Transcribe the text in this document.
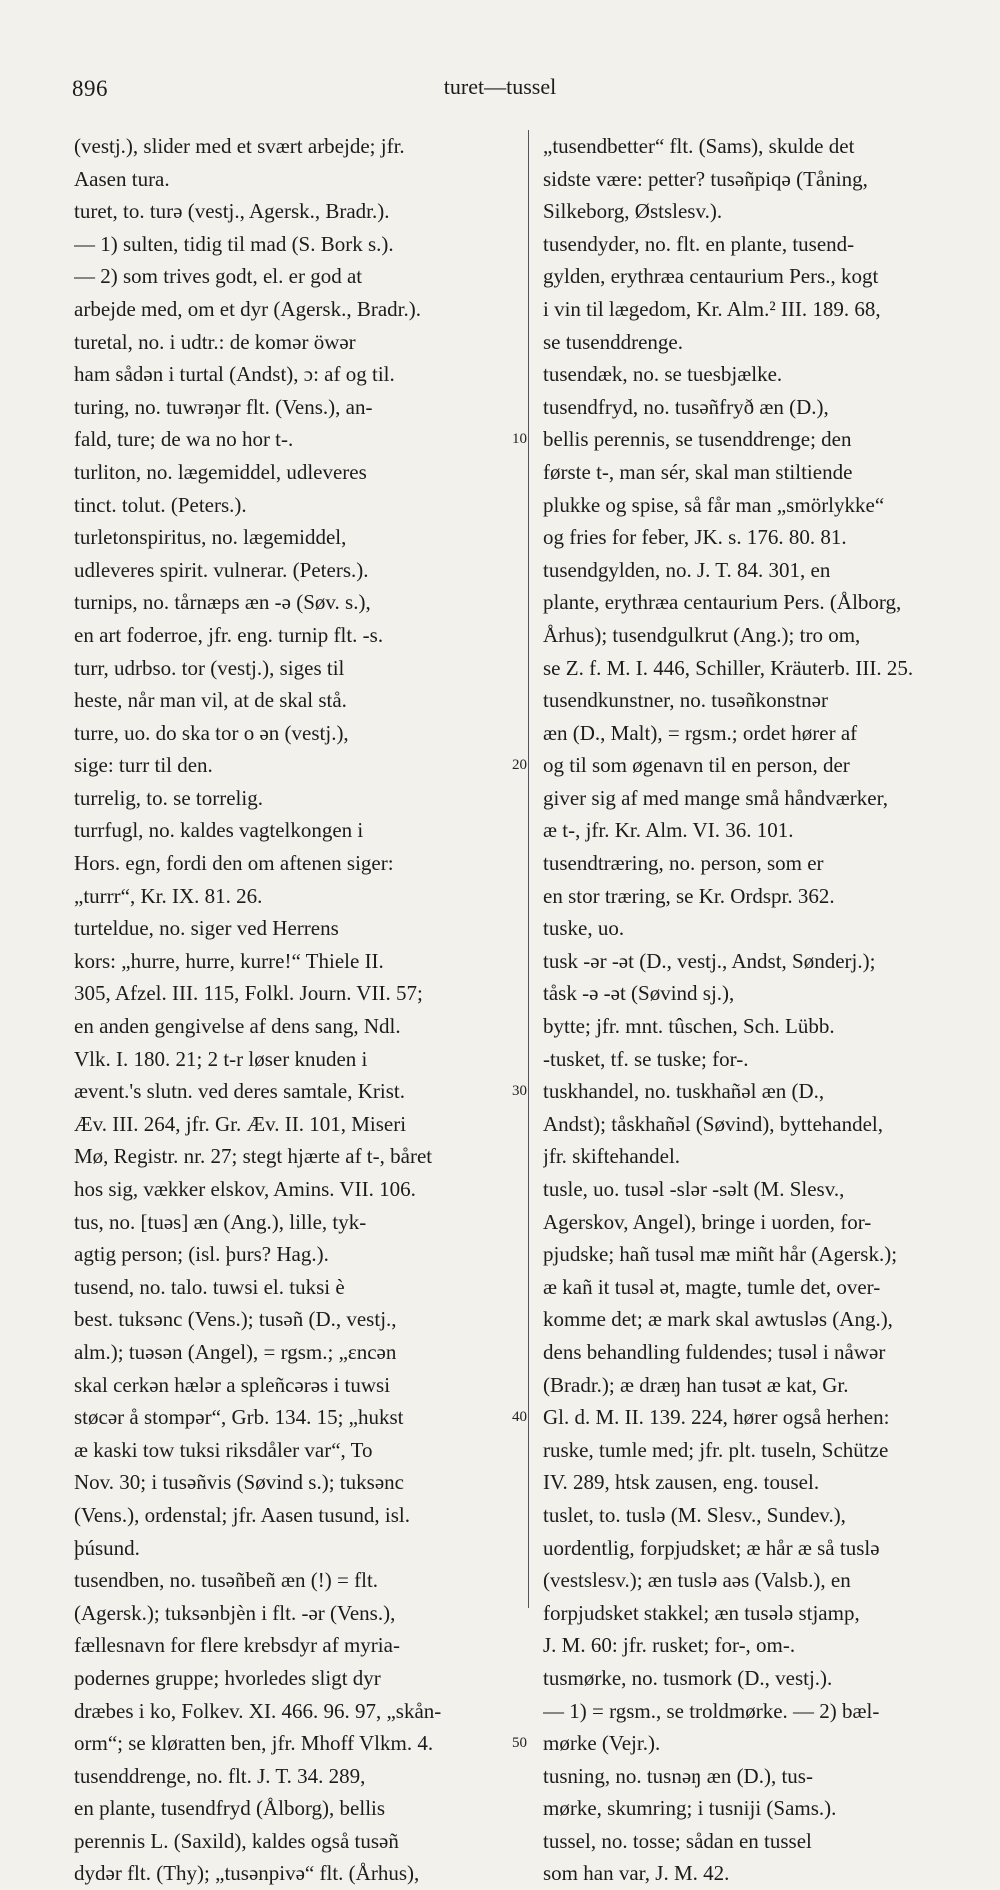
896	turet—tussel
(vestj.), slider med et svært arbejde; jfr.
Aasen tura.
turet, to. turə (vestj., Agersk., Bradr.).
— 1) sulten, tidig til mad (S. Bork s.).
— 2) som trives godt, el. er god at
arbejde med, om et dyr (Agersk., Bradr.).
turetal, no. i udtr.: de komər öwər
ham sådən i turtal (Andst), ɔ: af og til.
turing, no. tuwrəŋər flt. (Vens.), an-
fald, ture; de wa no hor t-.
turliton, no. lægemiddel, udleveres
tinct. tolut. (Peters.).
turletonspiritus, no. lægemiddel,
udleveres spirit. vulnerar. (Peters.).
turnips, no. tårnæps æn -ə (Søv. s.),
en art foderroe, jfr. eng. turnip flt. -s.
turr, udrbso. tor (vestj.), siges til
heste, når man vil, at de skal stå.
turre, uo. do ska tor o ən (vestj.),
sige: turr til den.
turrelig, to. se torrelig.
turrfugl, no. kaldes vagtelkongen i
Hors. egn, fordi den om aftenen siger:
„turrr“, Kr. IX. 81. 26.
turteldue, no. siger ved Herrens
kors: „hurre, hurre, kurre!“ Thiele II.
305, Afzel. III. 115, Folkl. Journ. VII. 57;
en anden gengivelse af dens sang, Ndl.
Vlk. I. 180. 21; 2 t-r løser knuden i
ævent.'s slutn. ved deres samtale, Krist.
Æv. III. 264, jfr. Gr. Æv. II. 101, Miseri
Mø, Registr. nr. 27; stegt hjærte af t-, båret
hos sig, vækker elskov, Amins. VII. 106.
tus, no. [tuəs] æn (Ang.), lille, tyk-
agtig person; (isl. þurs? Hag.).
tusend, no. talo. tuwsi el. tuksi è
best. tuksənc (Vens.); tusəñ (D., vestj.,
alm.); tuəsən (Angel), = rgsm.; „ɛncən
skal cerkən hælər a spleñcərəs i tuwsi
støcər å stompər“, Grb. 134. 15; „hukst
æ kaski tow tuksi riksdåler var“, To
Nov. 30; i tusəñvis (Søvind s.); tuksənc
(Vens.), ordenstal; jfr. Aasen tusund, isl.
þúsund.
tusendben, no. tusəñbeñ æn (!) = flt.
(Agersk.); tuksənbjèn i flt. -ər (Vens.),
fællesnavn for flere krebsdyr af myria-
podernes gruppe; hvorledes sligt dyr
dræbes i ko, Folkev. XI. 466. 96. 97, „skån-
orm“; se kløratten ben, jfr. Mhoff Vlkm. 4.
tusenddrenge, no. flt. J. T. 34. 289,
en plante, tusendfryd (Ålborg), bellis
perennis L. (Saxild), kaldes også tusəñ
dydər flt. (Thy); „tusənpivə“ flt. (Århus),
„tusendbetter“ flt. (Sams), skulde det
sidste være: petter? tusəñpiqə (Tåning,
Silkeborg, Østslesv.).
tusendyder, no. flt. en plante, tusend-
gylden, erythræa centaurium Pers., kogt
i vin til lægedom, Kr. Alm.² III. 189. 68,
se tusenddrenge.
tusendæk, no. se tuesbjælke.
tusendfryd, no. tusəñfryð æn (D.),
bellis perennis, se tusenddrenge; den
første t-, man sér, skal man stiltiende
plukke og spise, så får man „smörlykke“
og fries for feber, JK. s. 176. 80. 81.
tusendgylden, no. J. T. 84. 301, en
plante, erythræa centaurium Pers. (Ålborg,
Århus); tusendgulkrut (Ang.); tro om,
se Z. f. M. I. 446, Schiller, Kräuterb. III. 25.
tusendkunstner, no. tusəñkonstnər
æn (D., Malt), = rgsm.; ordet hører af
og til som øgenavn til en person, der
giver sig af med mange små håndværker,
æ t-, jfr. Kr. Alm. VI. 36. 101.
tusendtræring, no. person, som er
en stor træring, se Kr. Ordspr. 362.
tuske, uo.
tusk -ər -ət (D., vestj., Andst, Sønderj.);
tåsk -ə -ət (Søvind sj.),
bytte; jfr. mnt. tûschen, Sch. Lübb.
-tusket, tf. se tuske; for-.
tuskhandel, no. tuskhañəl æn (D.,
Andst); tåskhañəl (Søvind), byttehandel,
jfr. skiftehandel.
tusle, uo. tusəl -slər -səlt (M. Slesv.,
Agerskov, Angel), bringe i uorden, for-
pjudske; hañ tusəl mæ miñt hår (Agersk.);
æ kañ it tusəl ət, magte, tumle det, over-
komme det; æ mark skal awtusləs (Ang.),
dens behandling fuldendes; tusəl i nåwər
(Bradr.); æ dræŋ han tusət æ kat, Gr.
Gl. d. M. II. 139. 224, hører også herhen:
ruske, tumle med; jfr. plt. tuseln, Schütze
IV. 289, htsk zausen, eng. tousel.
tuslet, to. tuslə (M. Slesv., Sundev.),
uordentlig, forpjudsket; æ hår æ så tuslə
(vestslesv.); æn tuslə aəs (Valsb.), en
forpjudsket stakkel; æn tusələ stjamp,
J. M. 60: jfr. rusket; for-, om-.
tusmørke, no. tusmork (D., vestj.).
— 1) = rgsm., se troldmørke. — 2) bæl-
mørke (Vejr.).
tusning, no. tusnəŋ æn (D.), tus-
mørke, skumring; i tusniji (Sams.).
tussel, no. tosse; sådan en tussel
som han var, J. M. 42.
10
20
30
40
50
